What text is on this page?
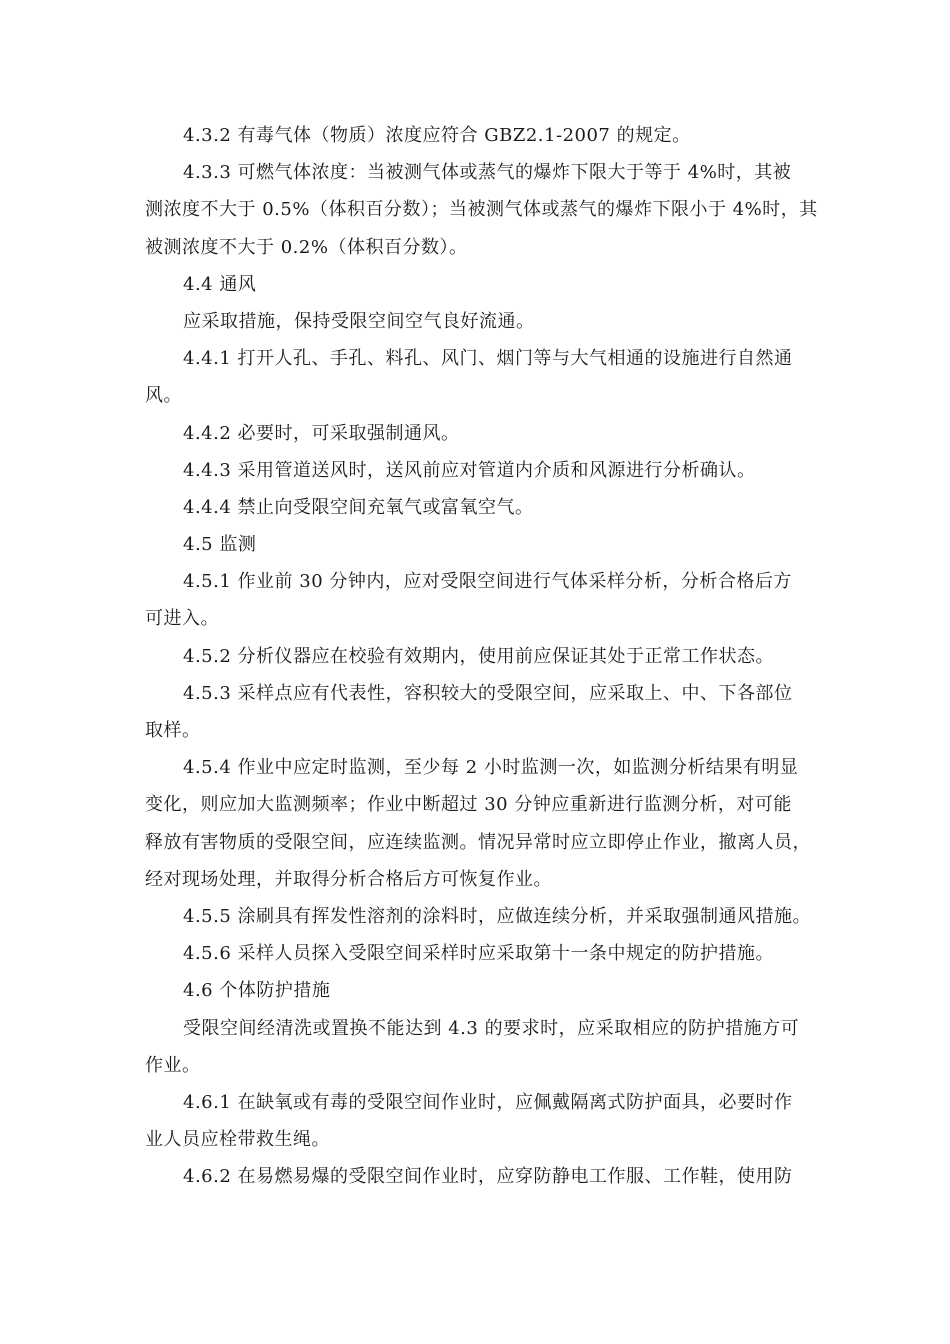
4.3.2 有毒气体（物质）浓度应符合 GBZ2.1-2007 的规定。
4.3.3 可燃气体浓度：当被测气体或蒸气的爆炸下限大于等于 4%时，其被
测浓度不大于 0.5%（体积百分数）；当被测气体或蒸气的爆炸下限小于 4%时，其
被测浓度不大于 0.2%（体积百分数）。
4.4 通风
应采取措施，保持受限空间空气良好流通。
4.4.1 打开人孔、手孔、料孔、风门、烟门等与大气相通的设施进行自然通
风。
4.4.2 必要时，可采取强制通风。
4.4.3 采用管道送风时，送风前应对管道内介质和风源进行分析确认。
4.4.4 禁止向受限空间充氧气或富氧空气。
4.5 监测
4.5.1 作业前 30 分钟内，应对受限空间进行气体采样分析，分析合格后方
可进入。
4.5.2 分析仪器应在校验有效期内，使用前应保证其处于正常工作状态。
4.5.3 采样点应有代表性，容积较大的受限空间，应采取上、中、下各部位
取样。
4.5.4 作业中应定时监测，至少每 2 小时监测一次，如监测分析结果有明显
变化，则应加大监测频率；作业中断超过 30 分钟应重新进行监测分析，对可能
释放有害物质的受限空间，应连续监测。情况异常时应立即停止作业，撤离人员，
经对现场处理，并取得分析合格后方可恢复作业。
4.5.5 涂刷具有挥发性溶剂的涂料时，应做连续分析，并采取强制通风措施。
4.5.6 采样人员探入受限空间采样时应采取第十一条中规定的防护措施。
4.6 个体防护措施
受限空间经清洗或置换不能达到 4.3 的要求时，应采取相应的防护措施方可
作业。
4.6.1 在缺氧或有毒的受限空间作业时，应佩戴隔离式防护面具，必要时作
业人员应栓带救生绳。
4.6.2 在易燃易爆的受限空间作业时，应穿防静电工作服、工作鞋，使用防
